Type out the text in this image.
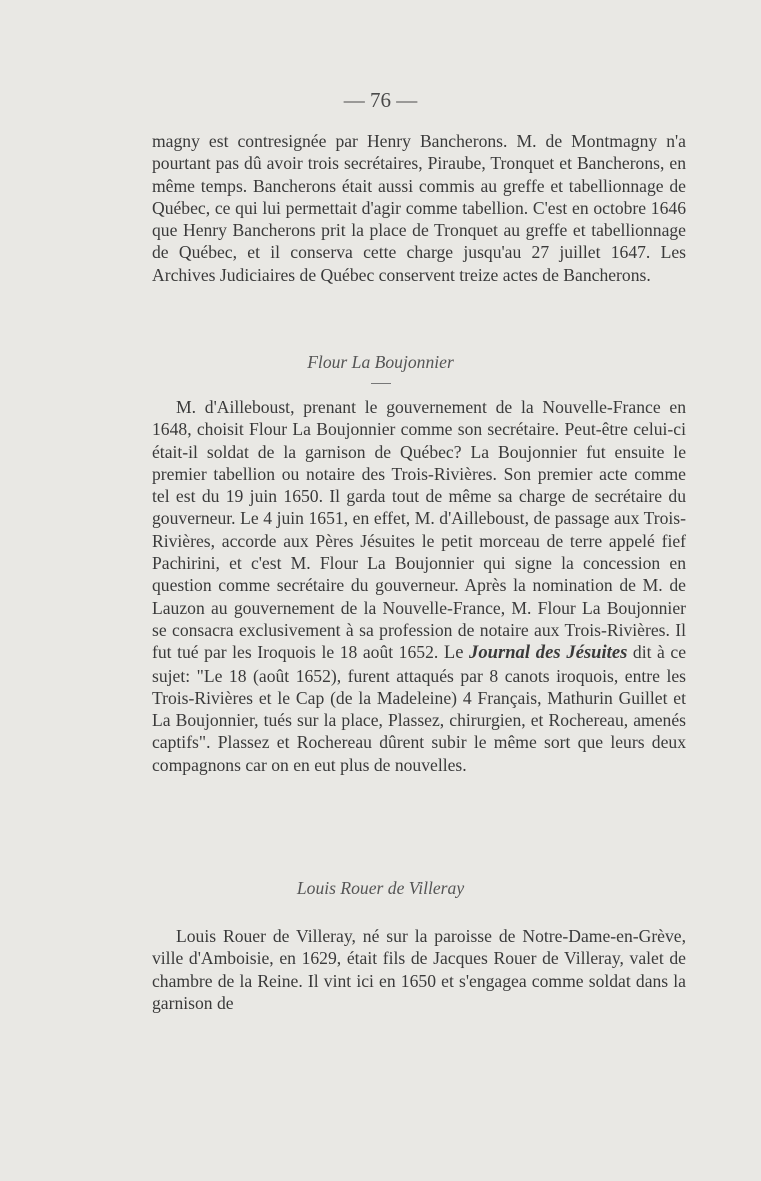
— 76 —

magny est contresignée par Henry Bancherons. M. de Montmagny n'a pourtant pas dû avoir trois secrétaires, Piraube, Tronquet et Bancherons, en même temps. Bancherons était aussi commis au greffe et tabellionnage de Québec, ce qui lui permettait d'agir comme tabellion. C'est en octobre 1646 que Henry Bancherons prit la place de Tronquet au greffe et tabellionnage de Québec, et il conserva cette charge jusqu'au 27 juillet 1647. Les Archives Judiciaires de Québec conservent treize actes de Bancherons.

Flour La Boujonnier

M. d'Ailleboust, prenant le gouvernement de la Nouvelle-France en 1648, choisit Flour La Boujonnier comme son secrétaire. Peut-être celui-ci était-il soldat de la garnison de Québec? La Boujonnier fut ensuite le premier tabellion ou notaire des Trois-Rivières. Son premier acte comme tel est du 19 juin 1650. Il garda tout de même sa charge de secrétaire du gouverneur. Le 4 juin 1651, en effet, M. d'Ailleboust, de passage aux Trois-Rivières, accorde aux Pères Jésuites le petit morceau de terre appelé fief Pachirini, et c'est M. Flour La Boujonnier qui signe la concession en question comme secrétaire du gouverneur. Après la nomination de M. de Lauzon au gouvernement de la Nouvelle-France, M. Flour La Boujonnier se consacra exclusivement à sa profession de notaire aux Trois-Rivières. Il fut tué par les Iroquois le 18 août 1652. Le Journal des Jésuites dit à ce sujet: "Le 18 (août 1652), furent attaqués par 8 canots iroquois, entre les Trois-Rivières et le Cap (de la Madeleine) 4 Français, Mathurin Guillet et La Boujonnier, tués sur la place, Plassez, chirurgien, et Rochereau, amenés captifs". Plassez et Rochereau dûrent subir le même sort que leurs deux compagnons car on en eut plus de nouvelles.

Louis Rouer de Villeray

Louis Rouer de Villeray, né sur la paroisse de Notre-Dame-en-Grève, ville d'Amboisie, en 1629, était fils de Jacques Rouer de Villeray, valet de chambre de la Reine. Il vint ici en 1650 et s'engagea comme soldat dans la garnison de
